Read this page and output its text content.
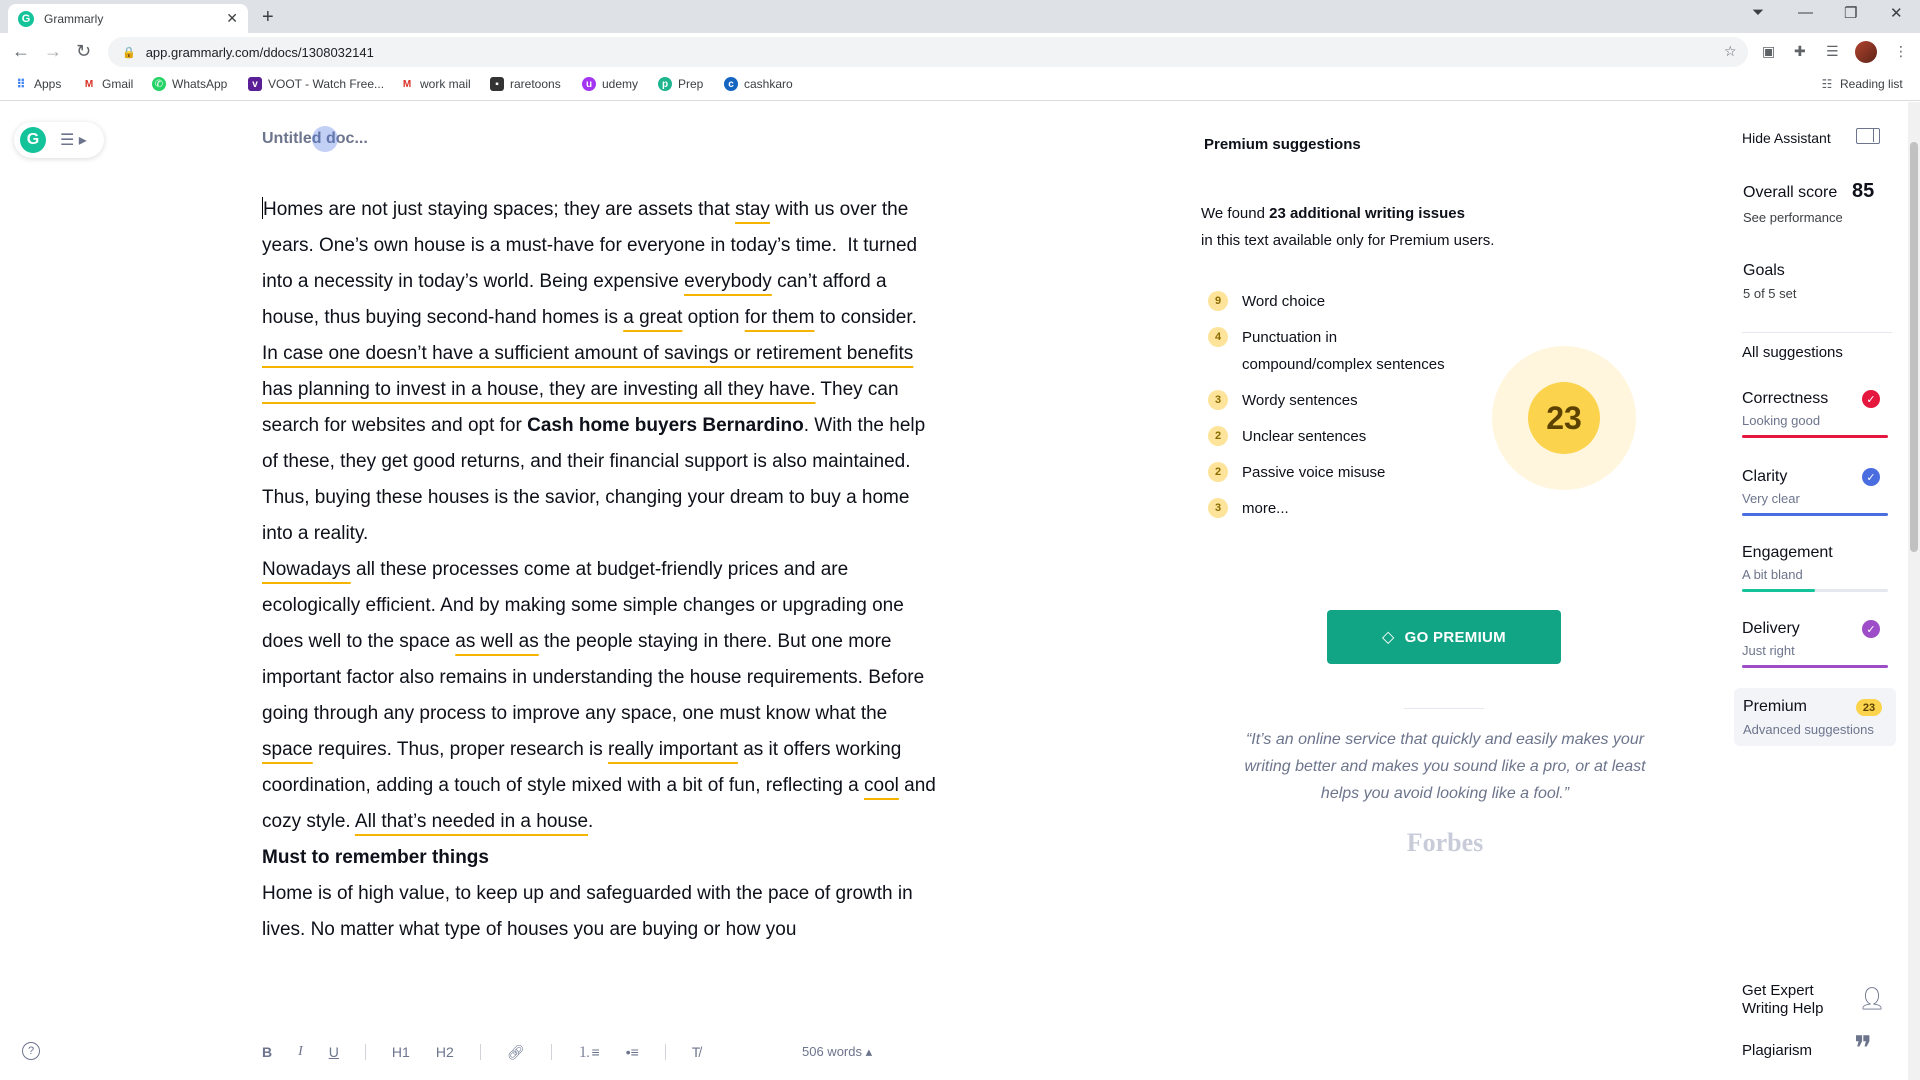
G	Grammarly	✕ +	⏷ — ❐ ✕
← → ↻	🔒 app.grammarly.com/ddocs/1308032141	☆ ▣ ✚ ☰	⋮
⠿ Apps M Gmail ✆ WhatsApp	v VOOT - Watch Free... M work mail	▪ raretoons	u udemy	p Prep	c cashkaro	☷ Reading list
G	☰ ▸	Untitled doc...

Homes are not just staying spaces; they are assets that stay with us over the years. One’s own house is a must-have for everyone in today’s time.  It turned into a necessity in today’s world. Being expensive everybody can’t afford a house, thus buying second-hand homes is a great option for them to consider.

In case one doesn’t have a sufficient amount of savings or retirement benefits has planning to invest in a house, they are investing all they have. They can search for websites and opt for Cash home buyers Bernardino. With the help of these, they get good returns, and their financial support is also maintained. Thus, buying these houses is the savior, changing your dream to buy a home into a reality.

Nowadays all these processes come at budget-friendly prices and are ecologically efficient. And by making some simple changes or upgrading one does well to the space as well as the people staying in there. But one more important factor also remains in understanding the house requirements. Before going through any process to improve any space, one must know what the space requires. Thus, proper research is really important as it offers working coordination, adding a touch of style mixed with a bit of fun, reflecting a cool and cozy style. All that’s needed in a house.

Must to remember things

Home is of high value, to keep up and safeguarded with the pace of growth in lives. No matter what type of houses you are buying or how you

?	B I U	H1 H2	🔗︎	⒈≡ •≡	T̸	506 words ▴
Premium suggestions
We found 23 additional writing issues
in this text available only for Premium users.
9	Word choice
4	Punctuation in compound/complex sentences
3	Wordy sentences
2	Unclear sentences
2	Passive voice misuse
3	more...
23
◇ GO PREMIUM
“It’s an online service that quickly and easily makes your writing better and makes you sound like a pro, or at least helps you avoid looking like a fool.”
Forbes
Hide Assistant
Overall score 85
See performance
Goals
5 of 5 set
All suggestions
Correctness
Looking good
✓
Clarity
Very clear
✓
Engagement
A bit bland
Delivery
Just right
✓
Premium	23
Advanced suggestions
Get Expert Writing Help	👤︎
Plagiarism ❞
